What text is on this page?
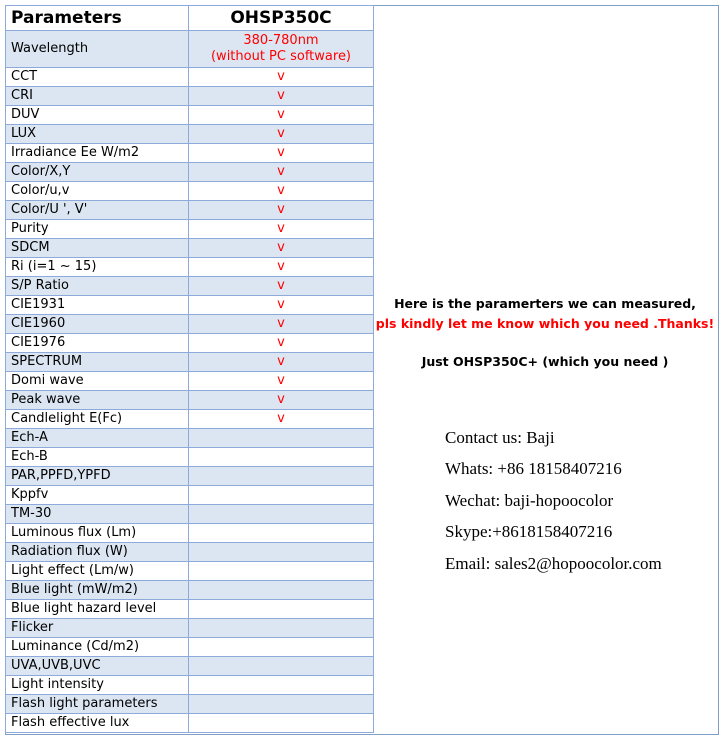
Parameters	OHSP350C
Wavelength	380-780nm
(without PC software)

CCT	v
CRI	v
DUV	v
LUX	v
Irradiance Ee W/m2	v
Color/X,Y	v
Color/u,v	v
Color/U ', V'	v
Purity	v
SDCM	v
Ri (i=1 ~ 15)	v
S/P Ratio	v
CIE1931	v
CIE1960	v
CIE1976	v
SPECTRUM	v
Domi wave	v
Peak wave	v
Candlelight E(Fc)	v
Ech-A	
Ech-B	
PAR,PPFD,YPFD	
Kppfv	
TM-30	
Luminous flux (Lm)	
Radiation flux (W)	
Light effect (Lm/w)	
Blue light (mW/m2)	
Blue light hazard level	
Flicker	
Luminance (Cd/m2)	
UVA,UVB,UVC	
Light intensity	
Flash light parameters	
Flash effective lux	
Here is the paramerters we can measured,
pls kindly let me know which you need .Thanks!
Just OHSP350C+ (which you need )
Contact us: Baji
Whats: +86 18158407216
Wechat: baji-hopoocolor
Skype:+8618158407216
Email: sales2@hopoocolor.com
